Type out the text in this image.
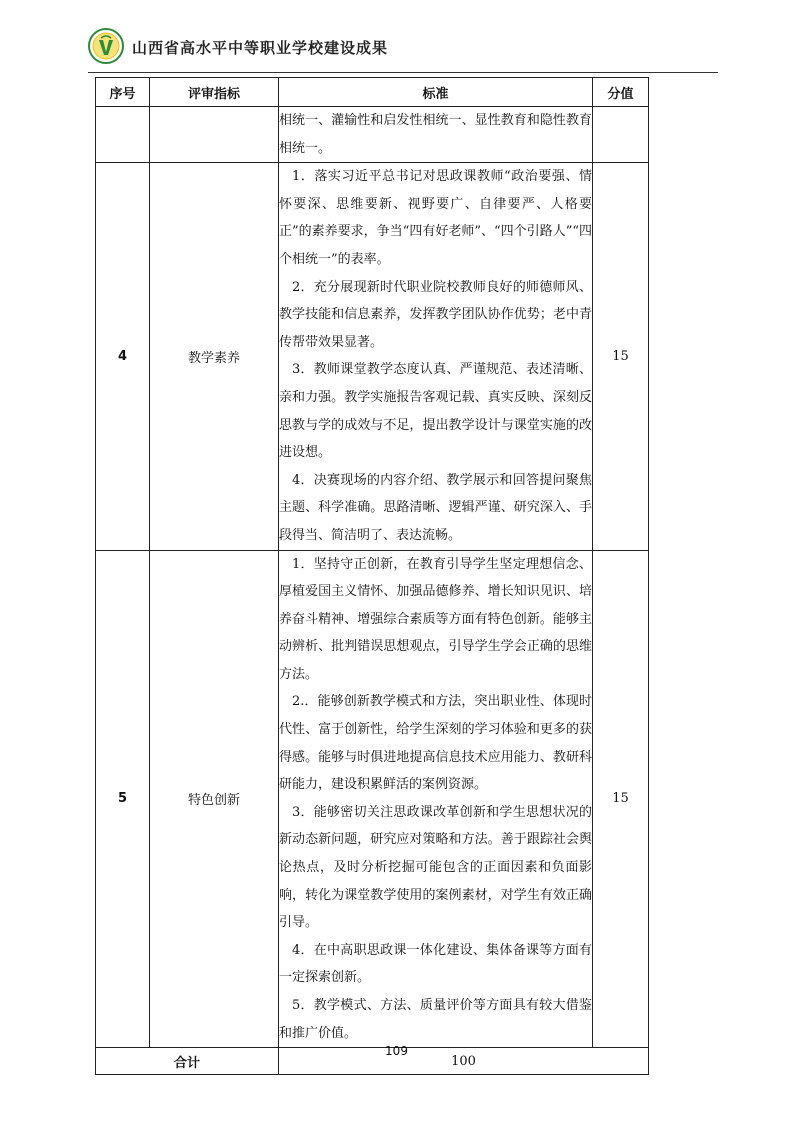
山西省高水平中等职业学校建设成果
序号	评审指标	标准	分值

		相统一、灌输性和启发性相统一、显性教育和隐性教育相统一。	

4	教学素养	1．落实习近平总书记对思政课教师“政治要强、情怀要深、思维要新、视野要广、自律要严、人格要正”的素养要求，争当“四有好老师”、“四个引路人”“四个相统一”的表率。
2．充分展现新时代职业院校教师良好的师德师风、教学技能和信息素养，发挥教学团队协作优势；老中青传帮带效果显著。
3．教师课堂教学态度认真、严谨规范、表述清晰、亲和力强。教学实施报告客观记载、真实反映、深刻反思教与学的成效与不足，提出教学设计与课堂实施的改进设想。
4．决赛现场的内容介绍、教学展示和回答提问聚焦主题、科学准确。思路清晰、逻辑严谨、研究深入、手段得当、简洁明了、表达流畅。	15
5	特色创新	1．坚持守正创新，在教育引导学生坚定理想信念、厚植爱国主义情怀、加强品德修养、增长知识见识、培养奋斗精神、增强综合素质等方面有特色创新。能够主动辨析、批判错误思想观点，引导学生学会正确的思维方法。
2.．能够创新教学模式和方法，突出职业性、体现时代性、富于创新性，给学生深刻的学习体验和更多的获得感。能够与时俱进地提高信息技术应用能力、教研科研能力，建设积累鲜活的案例资源。
3．能够密切关注思政课改革创新和学生思想状况的新动态新问题，研究应对策略和方法。善于跟踪社会舆论热点，及时分析挖掘可能包含的正面因素和负面影响，转化为课堂教学使用的案例素材，对学生有效正确引导。
4．在中高职思政课一体化建设、集体备课等方面有一定探索创新。
5．教学模式、方法、质量评价等方面具有较大借鉴和推广价值。	15
合计		100	
109
